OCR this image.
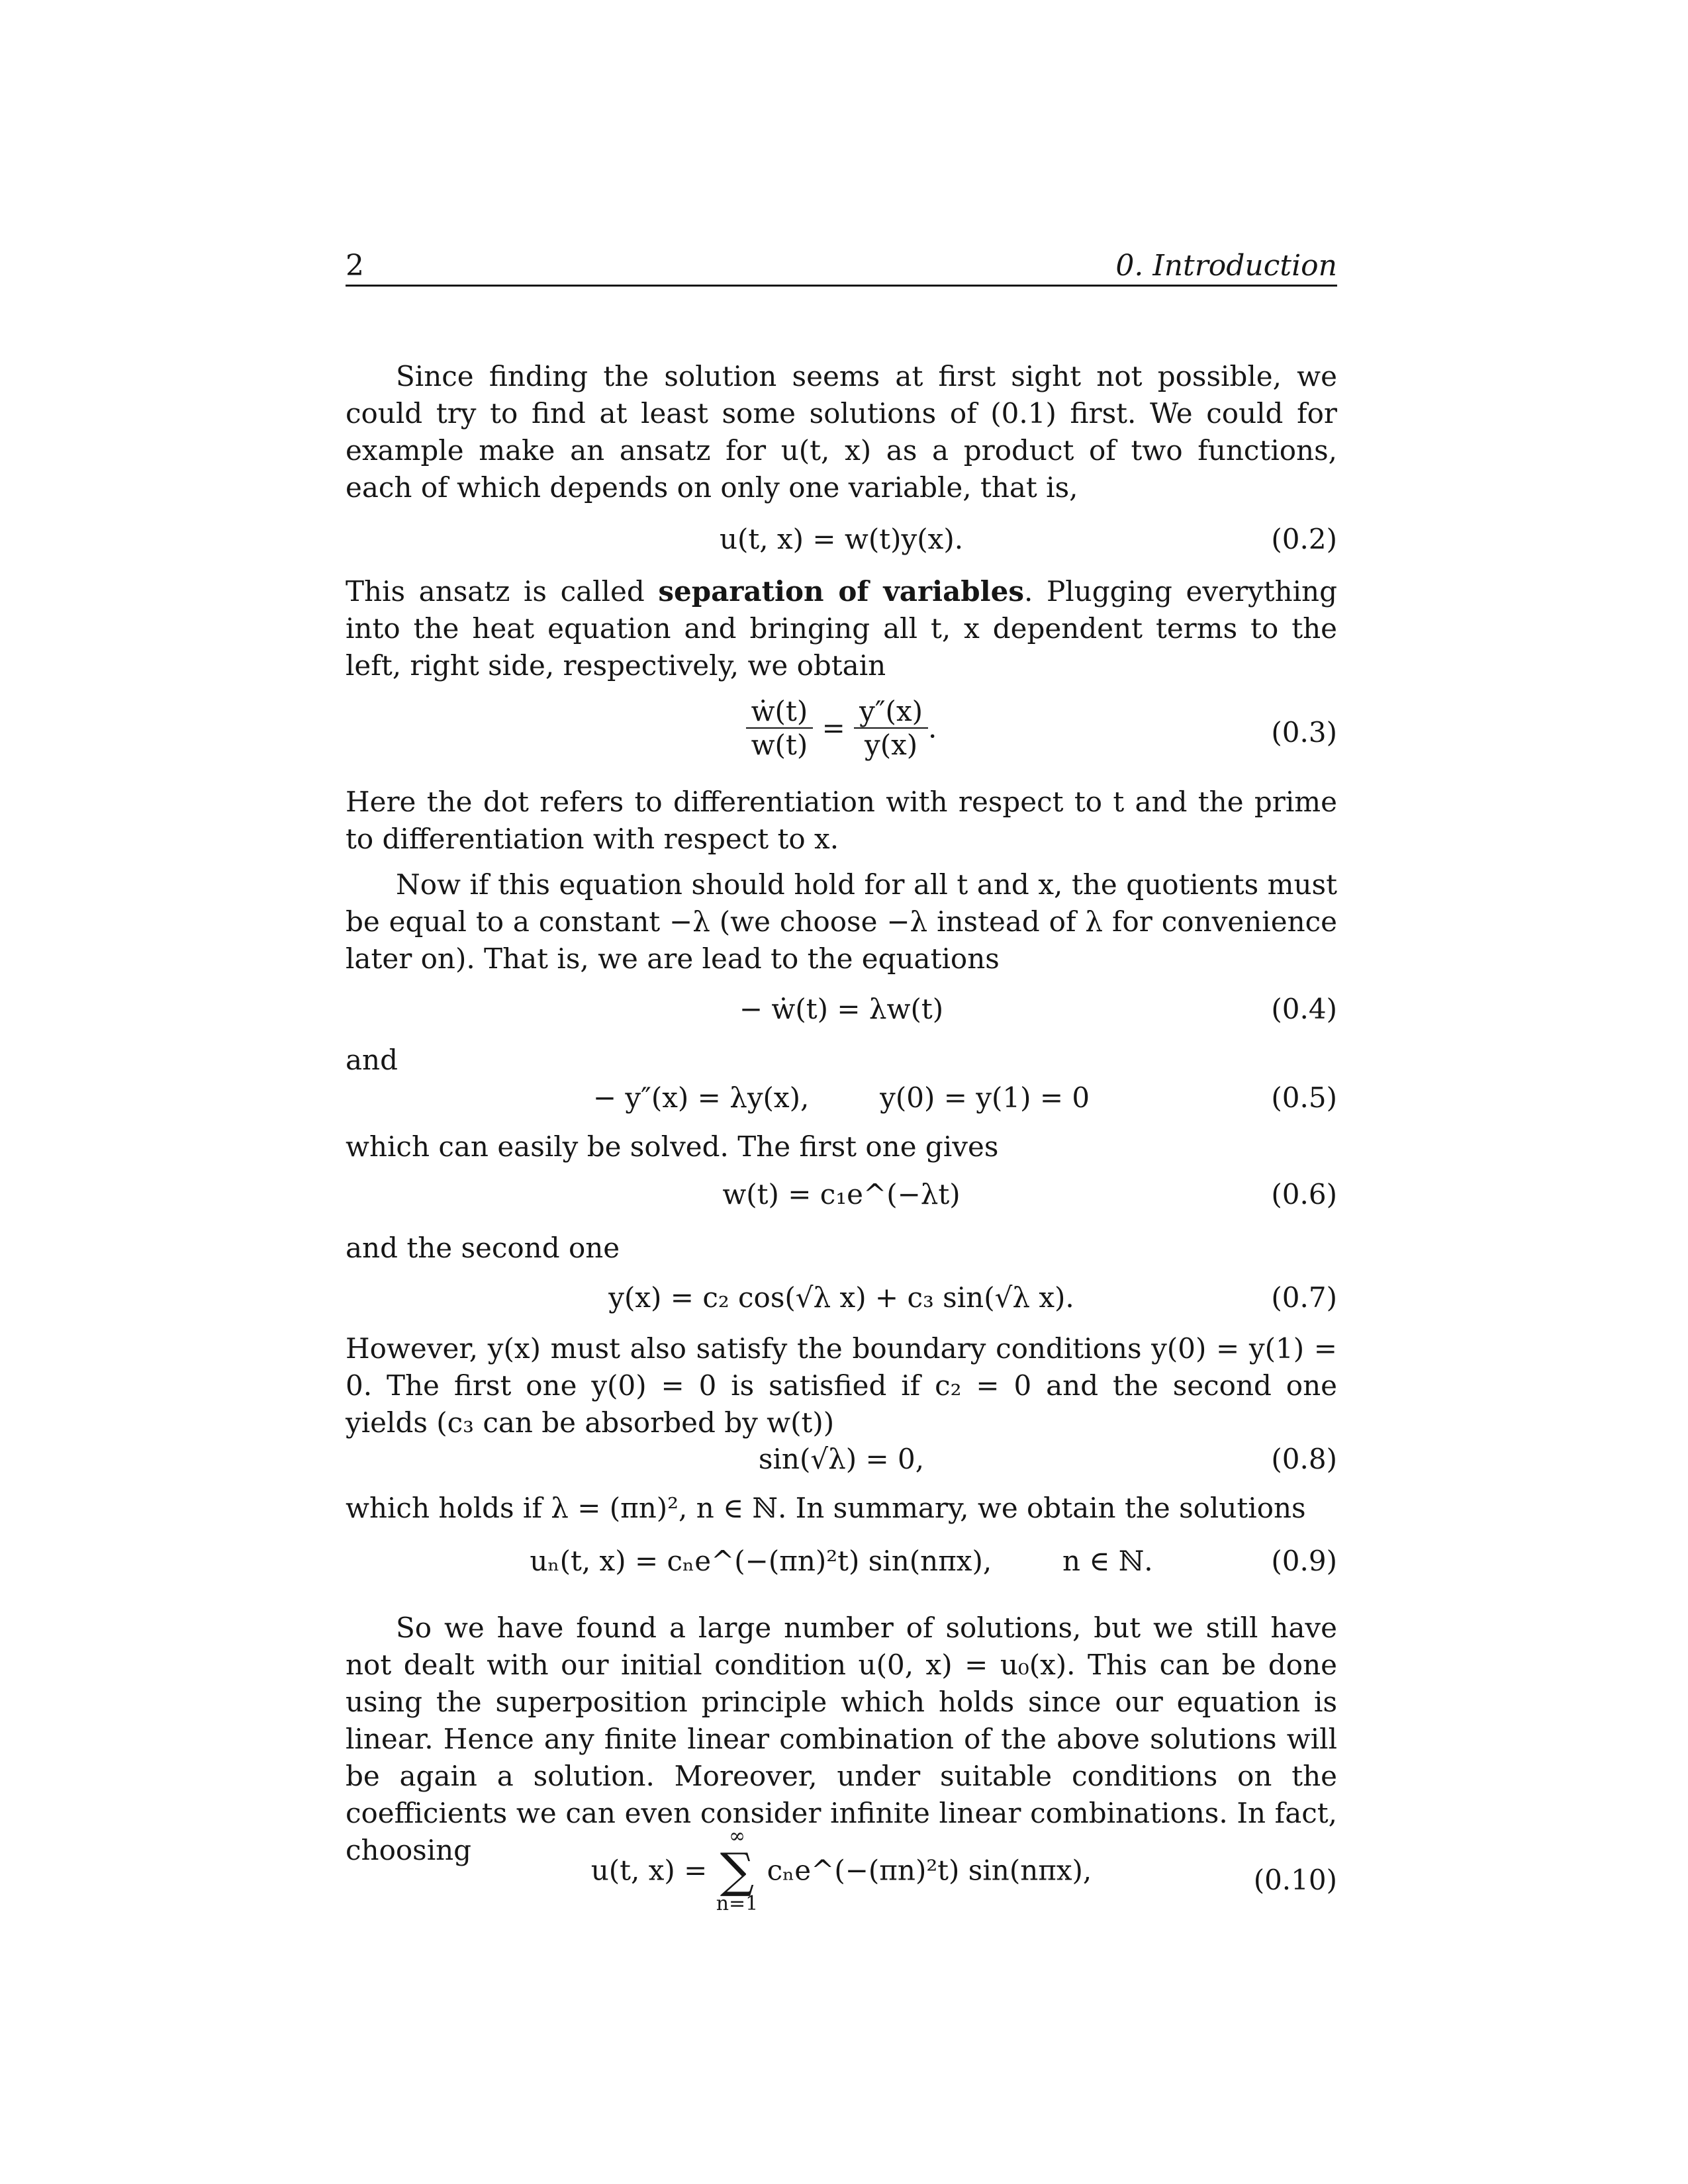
2	0. Introduction

Since finding the solution seems at first sight not possible, we could try to find at least some solutions of (0.1) first. We could for example make an ansatz for u(t, x) as a product of two functions, each of which depends on only one variable, that is,

u(t, x) = w(t)y(x).	(0.2)

This ansatz is called separation of variables. Plugging everything into the heat equation and bringing all t, x dependent terms to the left, right side, respectively, we obtain

$\frac{\text{ẇ(t)}}{w(t)} = \frac{y''(x)}{y(x)}$ .	(0.3)

Here the dot refers to differentiation with respect to t and the prime to differentiation with respect to x.

Now if this equation should hold for all t and x, the quotients must be equal to a constant −λ (we choose −λ instead of λ for convenience later on). That is, we are lead to the equations

− ẇ(t) = λw(t)	(0.4)

and

− y″(x) = λy(x),        y(0) = y(1) = 0	(0.5)

which can easily be solved. The first one gives

w(t) = c₁e^(−λt)	(0.6)

and the second one

y(x) = c₂ cos(√λ x) + c₃ sin(√λ x).	(0.7)

However, y(x) must also satisfy the boundary conditions y(0) = y(1) = 0. The first one y(0) = 0 is satisfied if c₂ = 0 and the second one yields (c₃ can be absorbed by w(t))

sin(√λ) = 0,	(0.8)

which holds if λ = (πn)², n ∈ ℕ. In summary, we obtain the solutions

uₙ(t, x) = cₙe^(−(πn)²t) sin(nπx),        n ∈ ℕ.	(0.9)

So we have found a large number of solutions, but we still have not dealt with our initial condition u(0, x) = u₀(x). This can be done using the superposition principle which holds since our equation is linear. Hence any finite linear combination of the above solutions will be again a solution. Moreover, under suitable conditions on the coefficients we can even consider infinite linear combinations. In fact, choosing

u(t, x) =
∞
∑
n=1
cₙe^(−(πn)²t) sin(nπx),	(0.10)
